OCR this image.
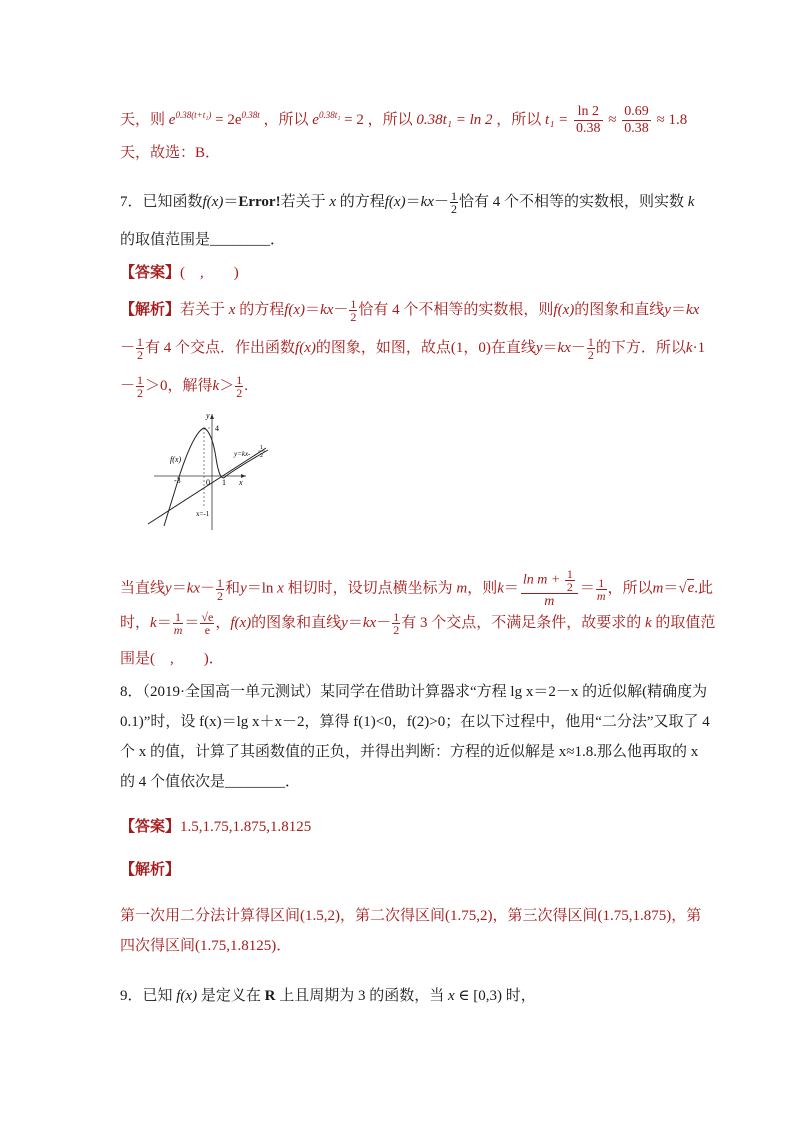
天，则 $e^{0.38(t+t_1)} = 2e^{0.38t}$ ，所以 $e^{0.38t_1} = 2$ ，所以 0.38t₁ = ln 2 ，所以 $t_1 = \frac{\ln 2}{0.38} \approx \frac{0.69}{0.38} \approx 1.8$
天，故选：B．
7．已知函数f(x)＝Error!若关于 x 的方程$f(x)=kx- \frac{1}{2}$ 恰有 4 个不相等的实数根，则实数 k
的取值范围是________．
【答案】(　,　　)
【解析】若关于 x 的方程$f(x)=kx- \frac{1}{2}$ 恰有 4 个不相等的实数根，则f(x)的图象和直线y＝kx
－ $\frac{1}{2}$ 有 4 个交点．作出函数f(x)的图象，如图，故点(1，0)在直线$y=kx- \frac{1}{2}$ 的下方．所以k·1
－ $\frac{1}{2} >0$，解得$k> \frac{1}{2}$ .
y
x
4
f(x)
-3	0 1
x=-1
y=kx-
1
2
当直线$y=kx- \frac{1}{2}$ 和y＝ln x 相切时，设切点横坐标为 m，则$k= \frac{\ln m + \frac{1}{2}}{m} = \frac{1}{m}$ ，所以m＝√e.此
时，$k= \frac{1}{m} = \frac{√e}{e}$ ，f(x)的图象和直线$y=kx- \frac{1}{2}$ 有 3 个交点，不满足条件，故要求的 k 的取值范
围是(　,　　)．
8．（2019·全国高一单元测试）某同学在借助计算器求“方程 lg x＝2－x 的近似解(精确度为
0.1)”时，设 f(x)＝lg x＋x－2，算得 f(1)<0，f(2)>0；在以下过程中，他用“二分法”又取了 4
个 x 的值，计算了其函数值的正负，并得出判断：方程的近似解是 x≈1.8.那么他再取的 x
的 4 个值依次是________．
【答案】1.5,1.75,1.875,1.8125
【解析】
第一次用二分法计算得区间(1.5,2)，第二次得区间(1.75,2)，第三次得区间(1.75,1.875)，第
四次得区间(1.75,1.8125)．
9．已知 f(x) 是定义在 R 上且周期为 3 的函数，当 x ∈ [0,3) 时，
